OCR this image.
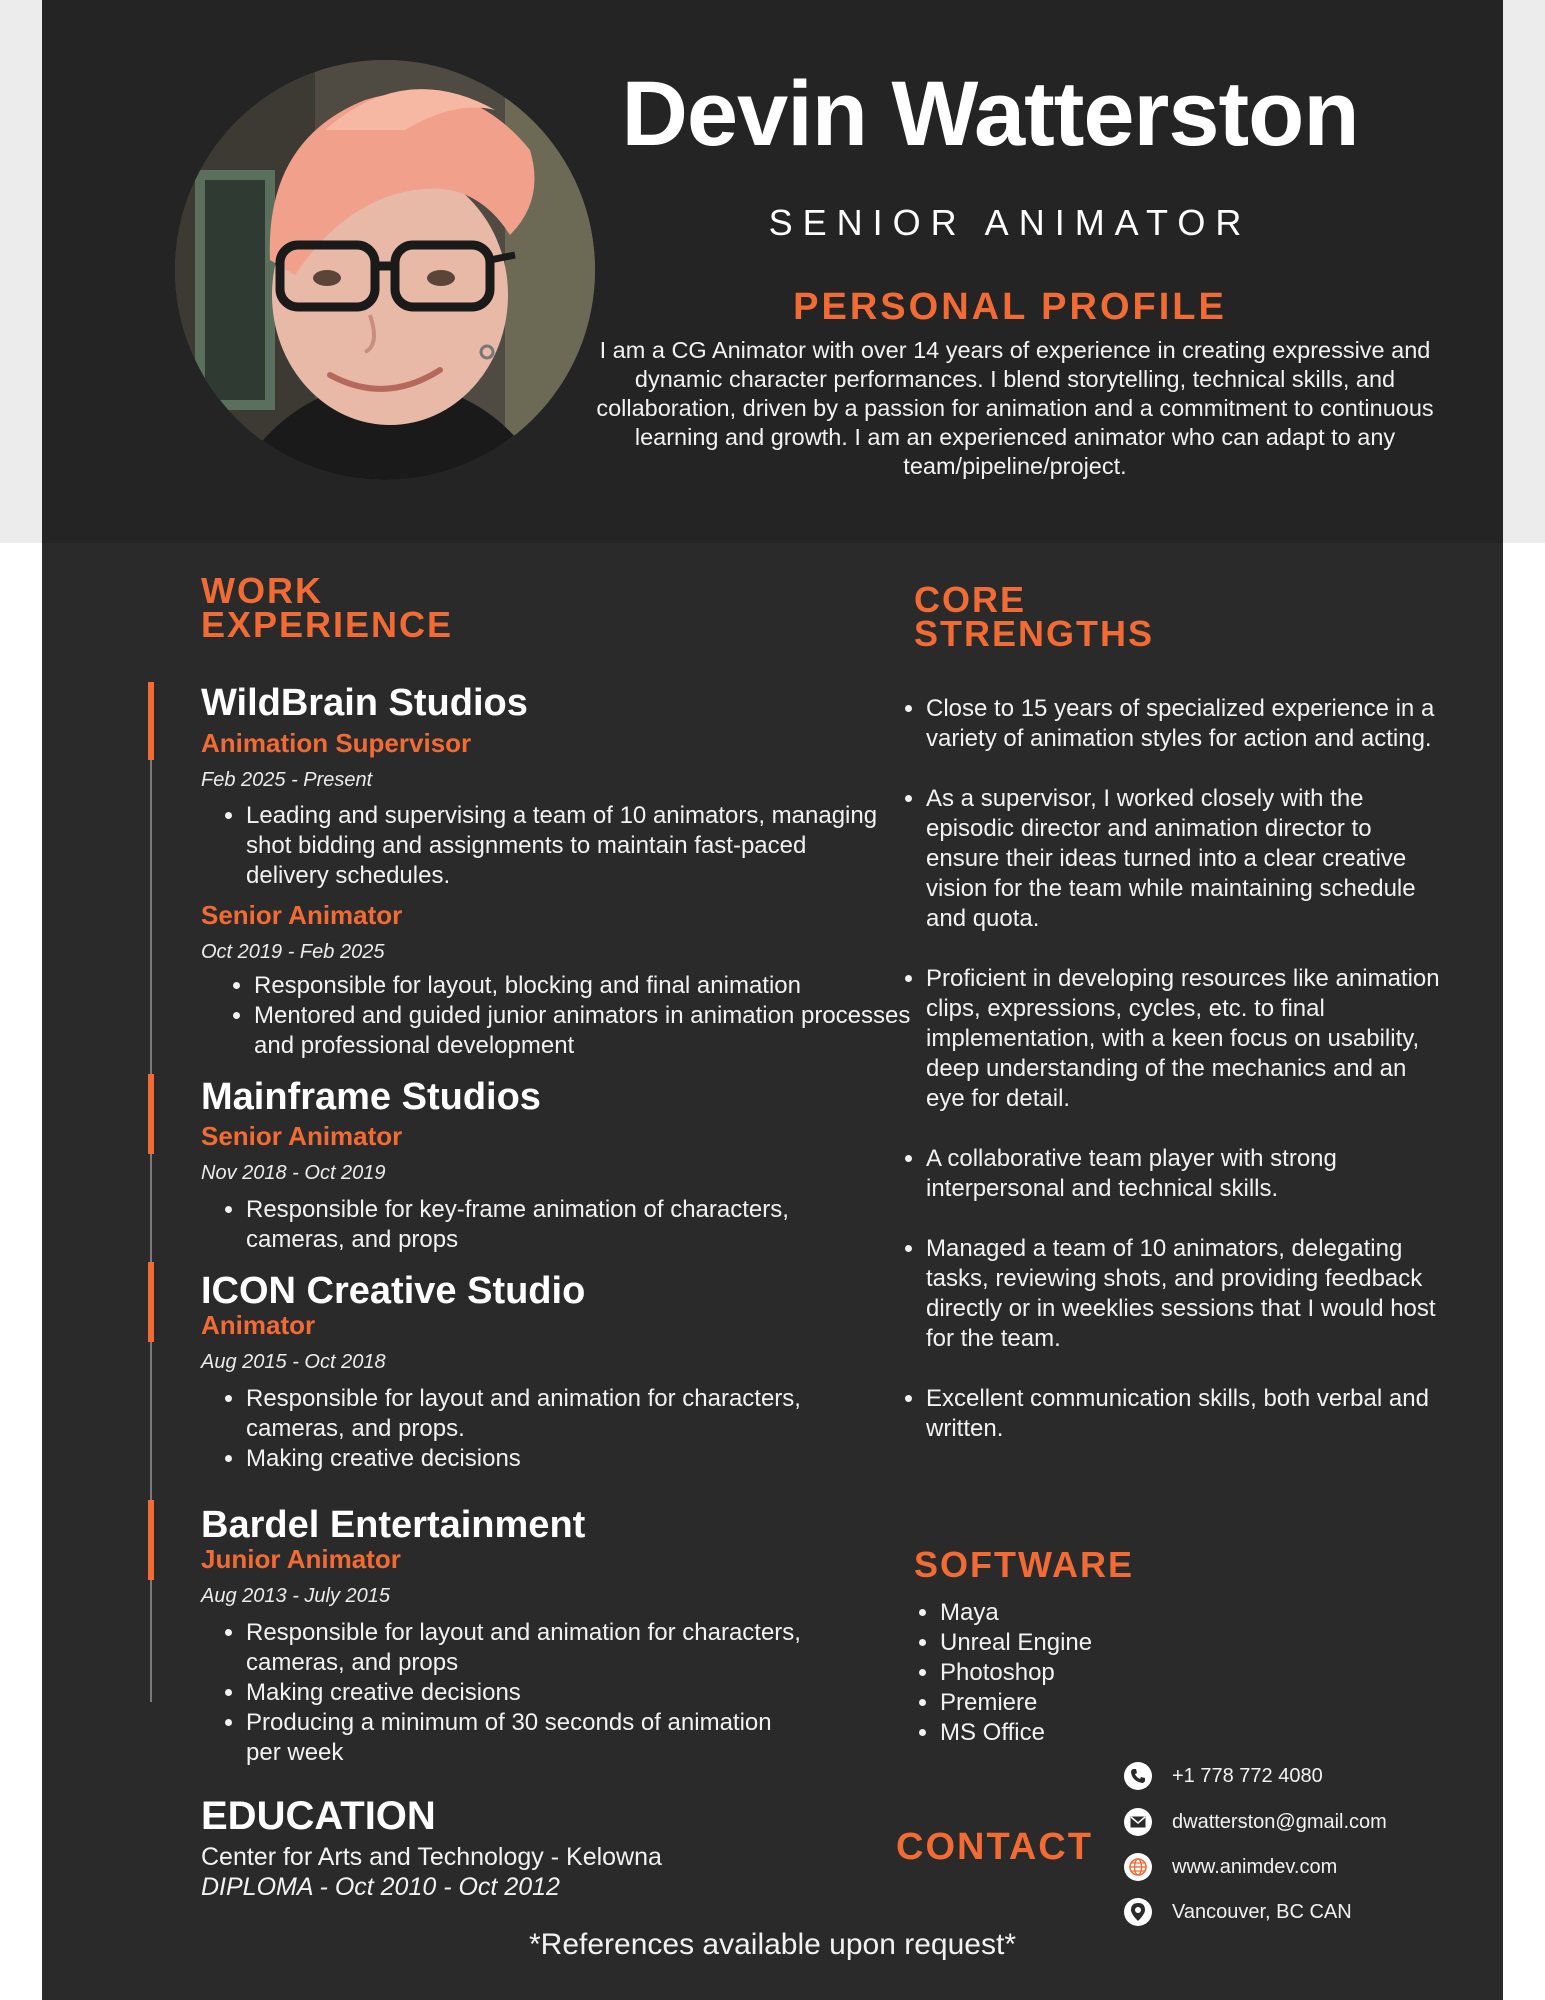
Devin Watterston
SENIOR ANIMATOR
PERSONAL PROFILE
I am a CG Animator with over 14 years of experience in creating expressive and dynamic character performances. I blend storytelling, technical skills, and collaboration, driven by a passion for animation and a commitment to continuous learning and growth. I am an experienced animator who can adapt to any team/pipeline/project.
WORK
EXPERIENCE
WildBrain Studios
Animation Supervisor
Feb 2025 - Present
• Leading and supervising a team of 10 animators, managing shot bidding and assignments to maintain fast-paced delivery schedules.
Senior Animator
Oct 2019 - Feb 2025
• Responsible for layout, blocking and final animation
• Mentored and guided junior animators in animation processes and professional development
Mainframe Studios
Senior Animator
Nov 2018 - Oct 2019
• Responsible for key-frame animation of characters, cameras, and props
ICON Creative Studio
Animator
Aug 2015 - Oct 2018
• Responsible for layout and animation for characters, cameras, and props.
• Making creative decisions
Bardel Entertainment
Junior Animator
Aug 2013 - July 2015
• Responsible for layout and animation for characters, cameras, and props
• Making creative decisions
• Producing a minimum of 30 seconds of animation per week
EDUCATION
Center for Arts and Technology - Kelowna
DIPLOMA - Oct 2010 - Oct 2012
CORE
STRENGTHS
• Close to 15 years of specialized experience in a variety of animation styles for action and acting.
• As a supervisor, I worked closely with the episodic director and animation director to ensure their ideas turned into a clear creative vision for the team while maintaining schedule and quota.
• Proficient in developing resources like animation clips, expressions, cycles, etc. to final implementation, with a keen focus on usability, deep understanding of the mechanics and an eye for detail.
• A collaborative team player with strong interpersonal and technical skills.
• Managed a team of 10 animators, delegating tasks, reviewing shots, and providing feedback directly or in weeklies sessions that I would host for the team.
• Excellent communication skills, both verbal and written.
SOFTWARE
• Maya
• Unreal Engine
• Photoshop
• Premiere
• MS Office
CONTACT
+1 778 772 4080
dwatterston@gmail.com
www.animdev.com
Vancouver, BC CAN
*References available upon request*
